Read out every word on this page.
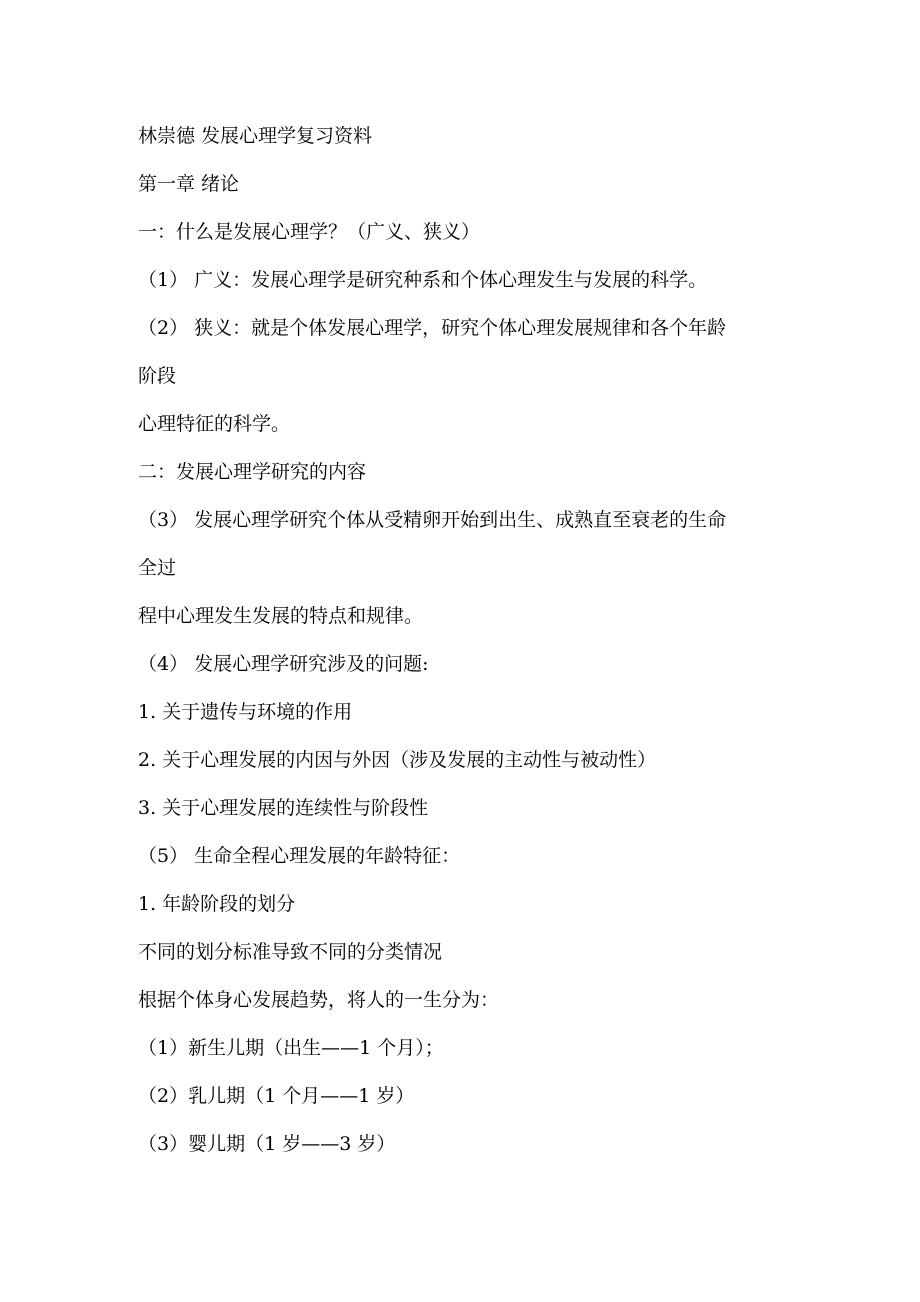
林崇德 发展心理学复习资料

第一章 绪论

一：什么是发展心理学？（广义、狭义）

（1） 广义：发展心理学是研究种系和个体心理发生与发展的科学。

（2） 狭义：就是个体发展心理学，研究个体心理发展规律和各个年龄

阶段

心理特征的科学。

二：发展心理学研究的内容

（3） 发展心理学研究个体从受精卵开始到出生、成熟直至衰老的生命

全过

程中心理发生发展的特点和规律。

（4） 发展心理学研究涉及的问题:

1. 关于遗传与环境的作用

2. 关于心理发展的内因与外因（涉及发展的主动性与被动性）

3. 关于心理发展的连续性与阶段性

（5） 生命全程心理发展的年龄特征：

1. 年龄阶段的划分

不同的划分标准导致不同的分类情况

根据个体身心发展趋势，将人的一生分为：

（1）新生儿期（出生——1 个月）；

（2）乳儿期（1 个月——1 岁）

（3）婴儿期（1 岁——3 岁）
